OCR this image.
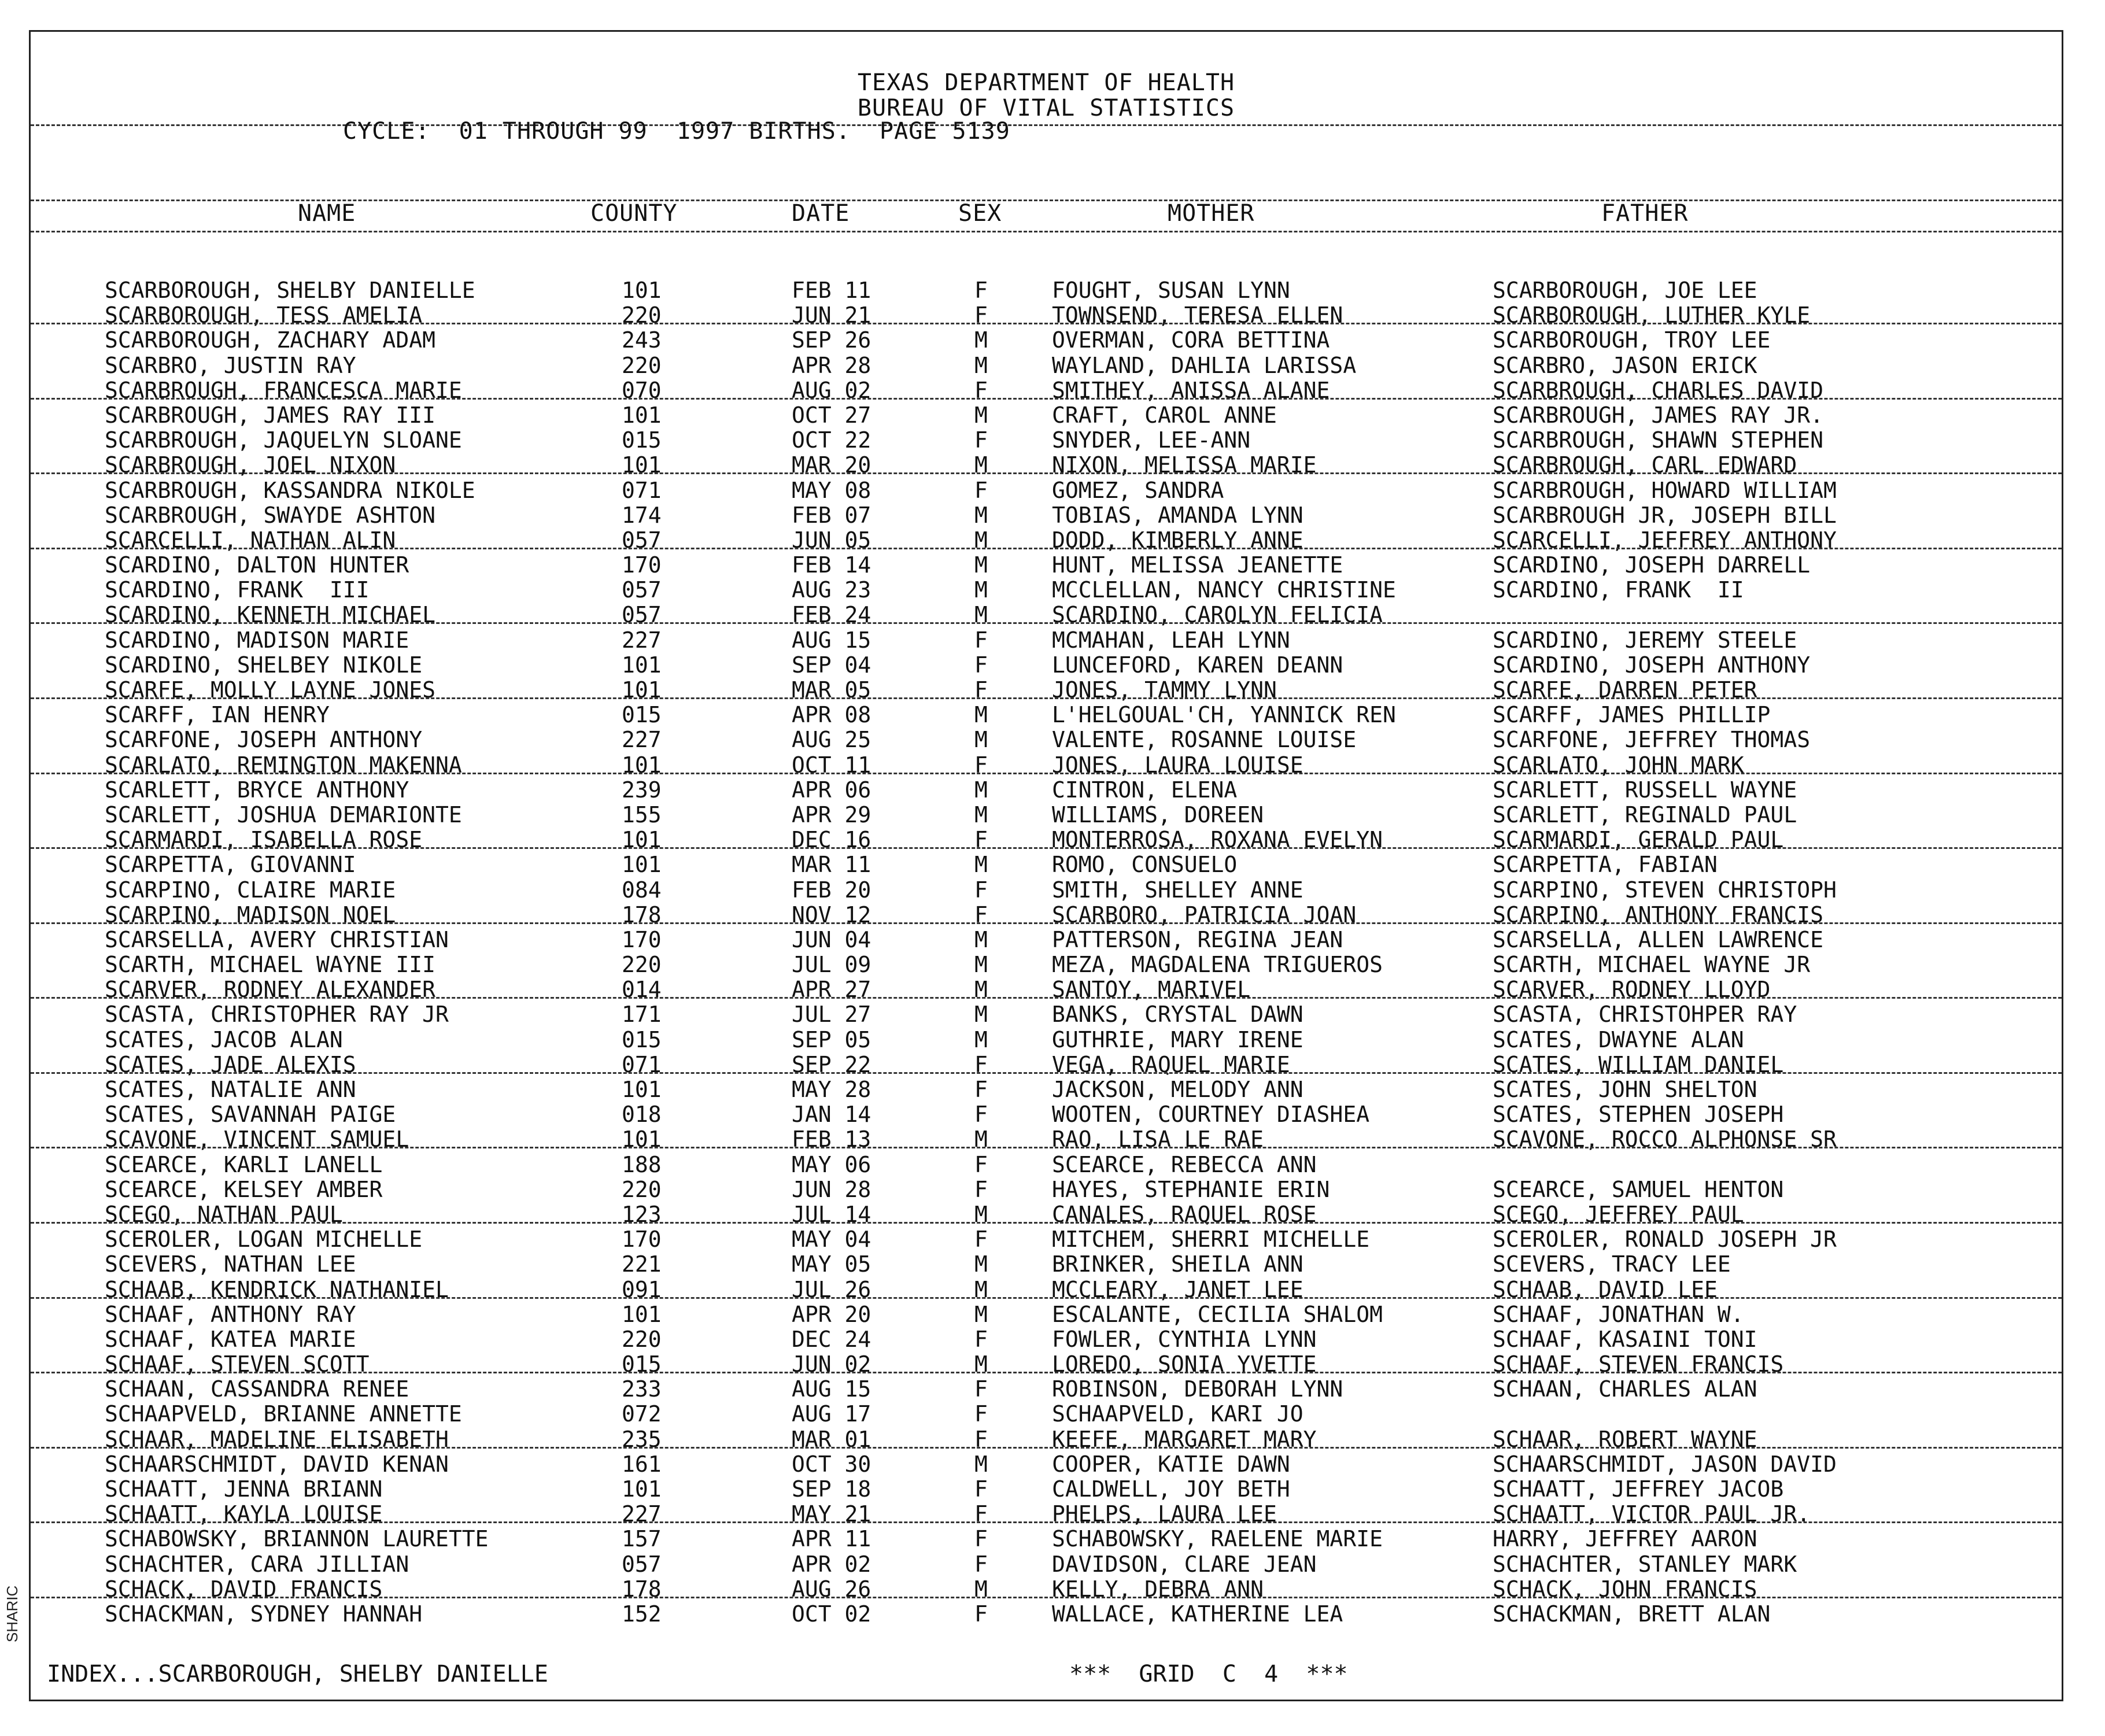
TEXAS DEPARTMENT OF HEALTH
BUREAU OF VITAL STATISTICS
CYCLE:  01 THROUGH 99  1997 BIRTHS.  PAGE 5139
NAME	COUNTY	DATE	SEX	MOTHER	FATHER
SCARBOROUGH, SHELBY DANIELLE	101	FEB 11	F	FOUGHT, SUSAN LYNN	SCARBOROUGH, JOE LEE
SCARBOROUGH, TESS AMELIA	220	JUN 21	F	TOWNSEND, TERESA ELLEN	SCARBOROUGH, LUTHER KYLE
SCARBOROUGH, ZACHARY ADAM	243	SEP 26	M	OVERMAN, CORA BETTINA	SCARBOROUGH, TROY LEE
SCARBRO, JUSTIN RAY	220	APR 28	M	WAYLAND, DAHLIA LARISSA	SCARBRO, JASON ERICK
SCARBROUGH, FRANCESCA MARIE	070	AUG 02	F	SMITHEY, ANISSA ALANE	SCARBROUGH, CHARLES DAVID
SCARBROUGH, JAMES RAY III	101	OCT 27	M	CRAFT, CAROL ANNE	SCARBROUGH, JAMES RAY JR.
SCARBROUGH, JAQUELYN SLOANE	015	OCT 22	F	SNYDER, LEE-ANN	SCARBROUGH, SHAWN STEPHEN
SCARBROUGH, JOEL NIXON	101	MAR 20	M	NIXON, MELISSA MARIE	SCARBROUGH, CARL EDWARD
SCARBROUGH, KASSANDRA NIKOLE	071	MAY 08	F	GOMEZ, SANDRA	SCARBROUGH, HOWARD WILLIAM
SCARBROUGH, SWAYDE ASHTON	174	FEB 07	M	TOBIAS, AMANDA LYNN	SCARBROUGH JR, JOSEPH BILL
SCARCELLI, NATHAN ALIN	057	JUN 05	M	DODD, KIMBERLY ANNE	SCARCELLI, JEFFREY ANTHONY
SCARDINO, DALTON HUNTER	170	FEB 14	M	HUNT, MELISSA JEANETTE	SCARDINO, JOSEPH DARRELL
SCARDINO, FRANK  III	057	AUG 23	M	MCCLELLAN, NANCY CHRISTINE	SCARDINO, FRANK  II
SCARDINO, KENNETH MICHAEL	057	FEB 24	M	SCARDINO, CAROLYN FELICIA
SCARDINO, MADISON MARIE	227	AUG 15	F	MCMAHAN, LEAH LYNN	SCARDINO, JEREMY STEELE
SCARDINO, SHELBEY NIKOLE	101	SEP 04	F	LUNCEFORD, KAREN DEANN	SCARDINO, JOSEPH ANTHONY
SCARFE, MOLLY LAYNE JONES	101	MAR 05	F	JONES, TAMMY LYNN	SCARFE, DARREN PETER
SCARFF, IAN HENRY	015	APR 08	M	L'HELGOUAL'CH, YANNICK REN	SCARFF, JAMES PHILLIP
SCARFONE, JOSEPH ANTHONY	227	AUG 25	M	VALENTE, ROSANNE LOUISE	SCARFONE, JEFFREY THOMAS
SCARLATO, REMINGTON MAKENNA	101	OCT 11	F	JONES, LAURA LOUISE	SCARLATO, JOHN MARK
SCARLETT, BRYCE ANTHONY	239	APR 06	M	CINTRON, ELENA	SCARLETT, RUSSELL WAYNE
SCARLETT, JOSHUA DEMARIONTE	155	APR 29	M	WILLIAMS, DOREEN	SCARLETT, REGINALD PAUL
SCARMARDI, ISABELLA ROSE	101	DEC 16	F	MONTERROSA, ROXANA EVELYN	SCARMARDI, GERALD PAUL
SCARPETTA, GIOVANNI	101	MAR 11	M	ROMO, CONSUELO	SCARPETTA, FABIAN
SCARPINO, CLAIRE MARIE	084	FEB 20	F	SMITH, SHELLEY ANNE	SCARPINO, STEVEN CHRISTOPH
SCARPINO, MADISON NOEL	178	NOV 12	F	SCARBORO, PATRICIA JOAN	SCARPINO, ANTHONY FRANCIS
SCARSELLA, AVERY CHRISTIAN	170	JUN 04	M	PATTERSON, REGINA JEAN	SCARSELLA, ALLEN LAWRENCE
SCARTH, MICHAEL WAYNE III	220	JUL 09	M	MEZA, MAGDALENA TRIGUEROS	SCARTH, MICHAEL WAYNE JR
SCARVER, RODNEY ALEXANDER	014	APR 27	M	SANTOY, MARIVEL	SCARVER, RODNEY LLOYD
SCASTA, CHRISTOPHER RAY JR	171	JUL 27	M	BANKS, CRYSTAL DAWN	SCASTA, CHRISTOHPER RAY
SCATES, JACOB ALAN	015	SEP 05	M	GUTHRIE, MARY IRENE	SCATES, DWAYNE ALAN
SCATES, JADE ALEXIS	071	SEP 22	F	VEGA, RAQUEL MARIE	SCATES, WILLIAM DANIEL
SCATES, NATALIE ANN	101	MAY 28	F	JACKSON, MELODY ANN	SCATES, JOHN SHELTON
SCATES, SAVANNAH PAIGE	018	JAN 14	F	WOOTEN, COURTNEY DIASHEA	SCATES, STEPHEN JOSEPH
SCAVONE, VINCENT SAMUEL	101	FEB 13	M	RAO, LISA LE RAE	SCAVONE, ROCCO ALPHONSE SR
SCEARCE, KARLI LANELL	188	MAY 06	F	SCEARCE, REBECCA ANN
SCEARCE, KELSEY AMBER	220	JUN 28	F	HAYES, STEPHANIE ERIN	SCEARCE, SAMUEL HENTON
SCEGO, NATHAN PAUL	123	JUL 14	M	CANALES, RAQUEL ROSE	SCEGO, JEFFREY PAUL
SCEROLER, LOGAN MICHELLE	170	MAY 04	F	MITCHEM, SHERRI MICHELLE	SCEROLER, RONALD JOSEPH JR
SCEVERS, NATHAN LEE	221	MAY 05	M	BRINKER, SHEILA ANN	SCEVERS, TRACY LEE
SCHAAB, KENDRICK NATHANIEL	091	JUL 26	M	MCCLEARY, JANET LEE	SCHAAB, DAVID LEE
SCHAAF, ANTHONY RAY	101	APR 20	M	ESCALANTE, CECILIA SHALOM	SCHAAF, JONATHAN W.
SCHAAF, KATEA MARIE	220	DEC 24	F	FOWLER, CYNTHIA LYNN	SCHAAF, KASAINI TONI
SCHAAF, STEVEN SCOTT	015	JUN 02	M	LOREDO, SONIA YVETTE	SCHAAF, STEVEN FRANCIS
SCHAAN, CASSANDRA RENEE	233	AUG 15	F	ROBINSON, DEBORAH LYNN	SCHAAN, CHARLES ALAN
SCHAAPVELD, BRIANNE ANNETTE	072	AUG 17	F	SCHAAPVELD, KARI JO
SCHAAR, MADELINE ELISABETH	235	MAR 01	F	KEEFE, MARGARET MARY	SCHAAR, ROBERT WAYNE
SCHAARSCHMIDT, DAVID KENAN	161	OCT 30	M	COOPER, KATIE DAWN	SCHAARSCHMIDT, JASON DAVID
SCHAATT, JENNA BRIANN	101	SEP 18	F	CALDWELL, JOY BETH	SCHAATT, JEFFREY JACOB
SCHAATT, KAYLA LOUISE	227	MAY 21	F	PHELPS, LAURA LEE	SCHAATT, VICTOR PAUL JR.
SCHABOWSKY, BRIANNON LAURETTE	157	APR 11	F	SCHABOWSKY, RAELENE MARIE	HARRY, JEFFREY AARON
SCHACHTER, CARA JILLIAN	057	APR 02	F	DAVIDSON, CLARE JEAN	SCHACHTER, STANLEY MARK
SCHACK, DAVID FRANCIS	178	AUG 26	M	KELLY, DEBRA ANN	SCHACK, JOHN FRANCIS
SCHACKMAN, SYDNEY HANNAH	152	OCT 02	F	WALLACE, KATHERINE LEA	SCHACKMAN, BRETT ALAN
INDEX...SCARBOROUGH, SHELBY DANIELLE	***  GRID  C  4  ***
SHARIC
